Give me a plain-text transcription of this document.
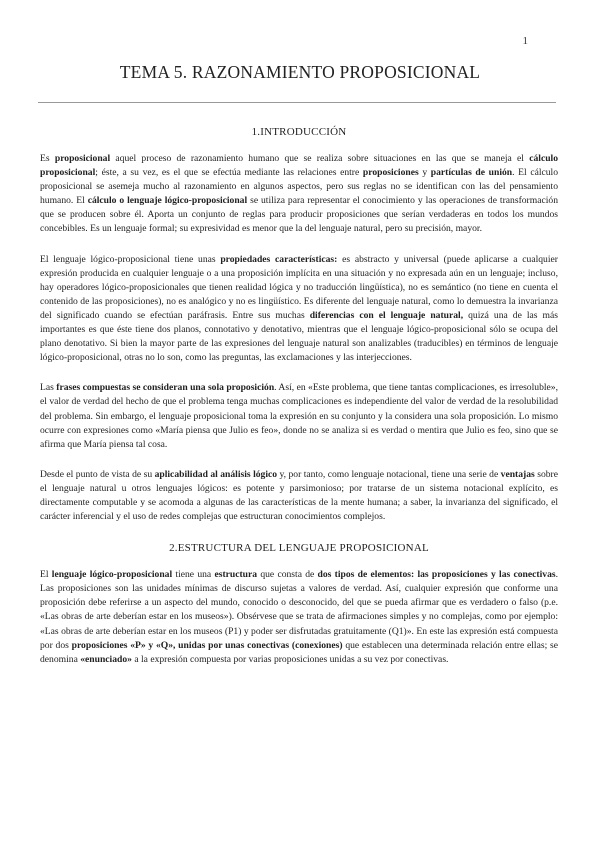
1
TEMA 5. RAZONAMIENTO PROPOSICIONAL
1.INTRODUCCIÓN

Es proposicional aquel proceso de razonamiento humano que se realiza sobre situaciones en las que se maneja el cálculo proposicional; éste, a su vez, es el que se efectúa mediante las relaciones entre proposiciones y partículas de unión. El cálculo proposicional se asemeja mucho al razonamiento en algunos aspectos, pero sus reglas no se identifican con las del pensamiento humano. El cálculo o lenguaje lógico-proposicional se utiliza para representar el conocimiento y las operaciones de transformación que se producen sobre él. Aporta un conjunto de reglas para producir proposiciones que serían verdaderas en todos los mundos concebibles. Es un lenguaje formal; su expresividad es menor que la del lenguaje natural, pero su precisión, mayor.

El lenguaje lógico-proposicional tiene unas propiedades características: es abstracto y universal (puede aplicarse a cualquier expresión producida en cualquier lenguaje o a una proposición implícita en una situación y no expresada aún en un lenguaje; incluso, hay operadores lógico-proposicionales que tienen realidad lógica y no traducción lingüística), no es semántico (no tiene en cuenta el contenido de las proposiciones), no es analógico y no es lingüístico. Es diferente del lenguaje natural, como lo demuestra la invarianza del significado cuando se efectúan paráfrasis. Entre sus muchas diferencias con el lenguaje natural, quizá una de las más importantes es que éste tiene dos planos, connotativo y denotativo, mientras que el lenguaje lógico-proposicional sólo se ocupa del plano denotativo. Si bien la mayor parte de las expresiones del lenguaje natural son analizables (traducibles) en términos de lenguaje lógico-proposicional, otras no lo son, como las preguntas, las exclamaciones y las interjecciones.

Las frases compuestas se consideran una sola proposición. Así, en «Este problema, que tiene tantas complicaciones, es irresoluble», el valor de verdad del hecho de que el problema tenga muchas complicaciones es independiente del valor de verdad de la resolubilidad del problema. Sin embargo, el lenguaje proposicional toma la expresión en su conjunto y la considera una sola proposición. Lo mismo ocurre con expresiones como «María piensa que Julio es feo», donde no se analiza si es verdad o mentira que Julio es feo, sino que se afirma que María piensa tal cosa.

Desde el punto de vista de su aplicabilidad al análisis lógico y, por tanto, como lenguaje notacional, tiene una serie de ventajas sobre el lenguaje natural u otros lenguajes lógicos: es potente y parsimonioso; por tratarse de un sistema notacional explícito, es directamente computable y se acomoda a algunas de las características de la mente humana; a saber, la invarianza del significado, el carácter inferencial y el uso de redes complejas que estructuran conocimientos complejos.

2.ESTRUCTURA DEL LENGUAJE PROPOSICIONAL

El lenguaje lógico-proposicional tiene una estructura que consta de dos tipos de elementos: las proposiciones y las conectivas. Las proposiciones son las unidades mínimas de discurso sujetas a valores de verdad. Así, cualquier expresión que conforme una proposición debe referirse a un aspecto del mundo, conocido o desconocido, del que se pueda afirmar que es verdadero o falso (p.e. «Las obras de arte deberían estar en los museos»). Obsérvese que se trata de afirmaciones simples y no complejas, como por ejemplo: «Las obras de arte deberían estar en los museos (P1) y poder ser disfrutadas gratuitamente (Q1)». En este las expresión está compuesta por dos proposiciones «P» y «Q», unidas por unas conectivas (conexiones) que establecen una determinada relación entre ellas; se denomina «enunciado» a la expresión compuesta por varias proposiciones unidas a su vez por conectivas.
